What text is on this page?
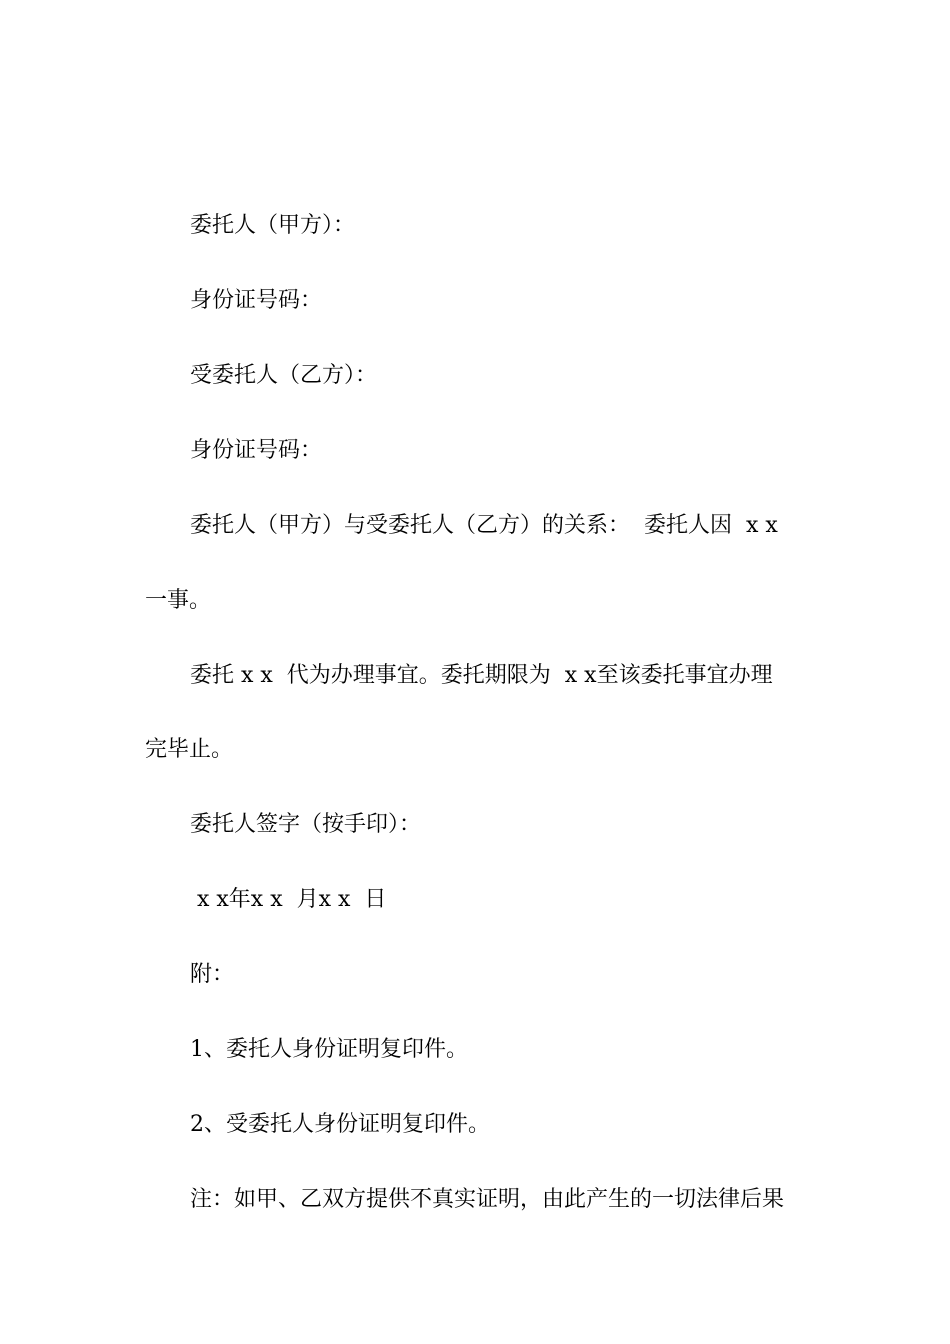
委托人（甲方）：
身份证号码：
受委托人（乙方）：
身份证号码：
委托人（甲方）与受委托人（乙方）的关系：  委托人因  x x
一事。
委托 x x  代为办理事宜。委托期限为  x x至该委托事宜办理
完毕止。
委托人签字（按手印）：
x x年x x  月x x  日
附：
1、委托人身份证明复印件。
2、受委托人身份证明复印件。
注：如甲、乙双方提供不真实证明，由此产生的一切法律后果
